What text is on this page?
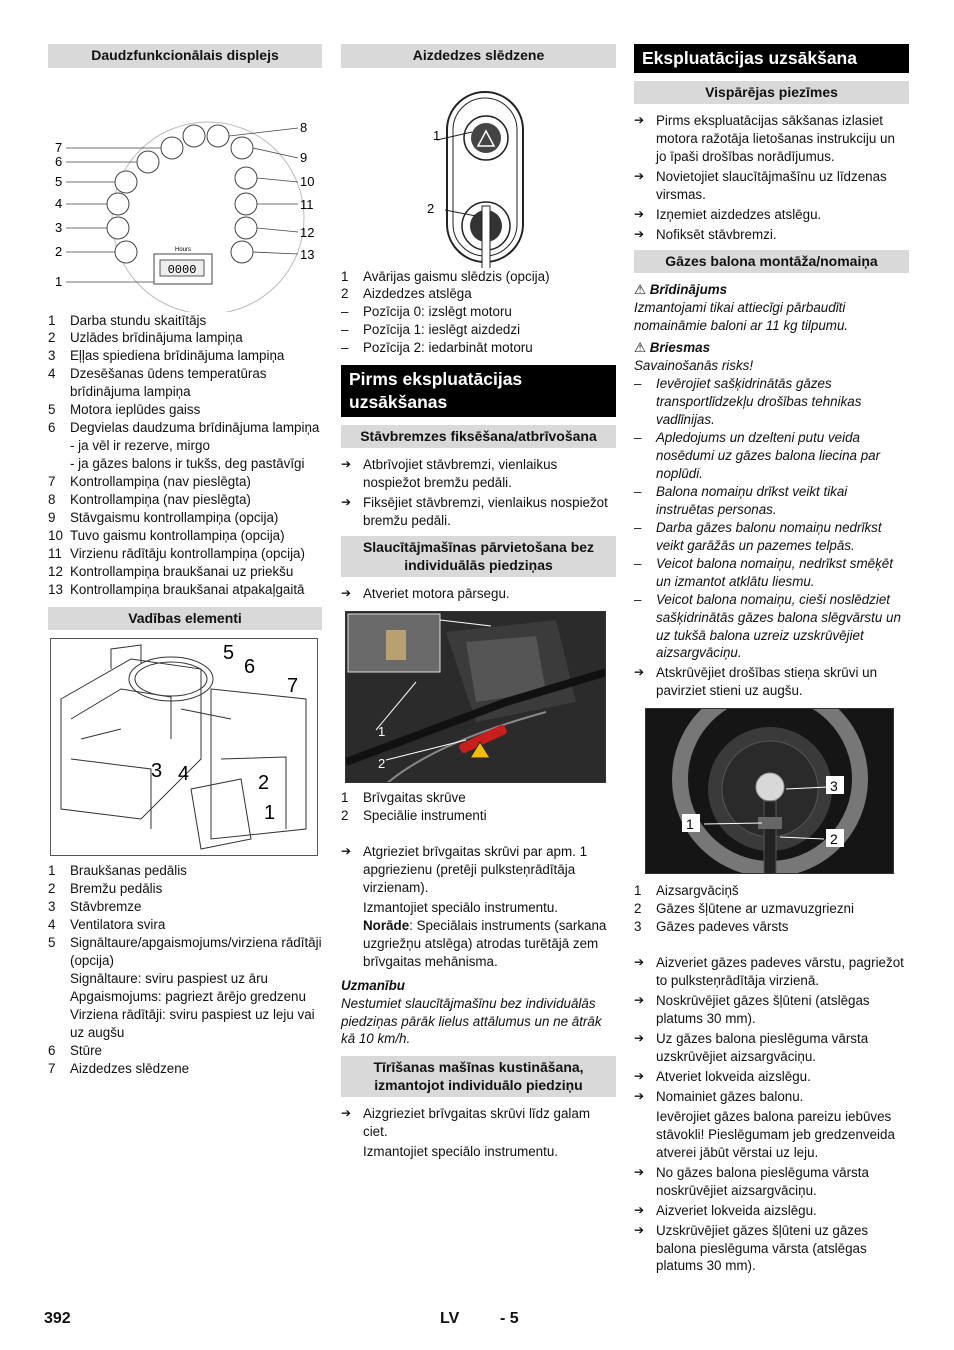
Daudzfunkcionālais displejs
Hours
0000
7
6
5
4
3
2
1
8
9
10
11
12
13
1	Darba stundu skaitītājs
2	Uzlādes brīdinājuma lampiņa
3	Eļļas spiediena brīdinājuma lampiņa
4	Dzesēšanas ūdens temperatūras brīdinājuma lampiņa
5	Motora ieplūdes gaiss
6	Degvielas daudzuma brīdinājuma lampiņa
- ja vēl ir rezerve, mirgo
- ja gāzes balons ir tukšs, deg pastāvīgi
7	Kontrollampiņa (nav pieslēgta)
8	Kontrollampiņa (nav pieslēgta)
9	Stāvgaismu kontrollampiņa (opcija)
10 Tuvo gaismu kontrollampiņa (opcija)
11 Virzienu rādītāju kontrollampiņa (opcija)
12 Kontrollampiņa braukšanai uz priekšu
13 Kontrollampiņa braukšanai atpakaļgaitā
Vadības elementi
5
6
7
3 4	2
1
1	Braukšanas pedālis
2	Bremžu pedālis
3	Stāvbremze
4	Ventilatora svira
5	Signāltaure/apgaismojums/virziena rādītāji (opcija)
Signāltaure: sviru paspiest uz āru
Apgaismojums: pagriezt ārējo gredzenu
Virziena rādītāji: sviru paspiest uz leju vai uz augšu
6	Stūre
7	Aizdedzes slēdzene
Aizdedzes slēdzene
1
2
1	Avārijas gaismu slēdzis (opcija)
2	Aizdedzes atslēga
–	Pozīcija 0: izslēgt motoru
–	Pozīcija 1: ieslēgt aizdedzi
–	Pozīcija 2: iedarbināt motoru
Pirms ekspluatācijas uzsākšanas
Stāvbremzes fiksēšana/atbrīvošana
➔ Atbrīvojiet stāvbremzi, vienlaikus nospiežot bremžu pedāli.
➔ Fiksējiet stāvbremzi, vienlaikus nospiežot bremžu pedāli.
Slaucītājmašīnas pārvietošana bez individuālās piedziņas
➔ Atveriet motora pārsegu.
1
2
1	Brīvgaitas skrūve
2	Speciālie instrumenti
➔ Atgrieziet brīvgaitas skrūvi par apm. 1 apgriezienu (pretēji pulksteņrādītāja virzienam).
Izmantojiet speciālo instrumentu.
Norāde: Speciālais instruments (sarkana uzgriežņu atslēga) atrodas turētājā zem brīvgaitas mehānisma.
Uzmanību
Nestumiet slaucītājmašīnu bez individuālās piedziņas pārāk lielus attālumus un ne ātrāk kā 10 km/h.
Tīrīšanas mašīnas kustināšana, izmantojot individuālo piedziņu
➔ Aizgrieziet brīvgaitas skrūvi līdz galam ciet.
Izmantojiet speciālo instrumentu.
Ekspluatācijas uzsākšana
Vispārējas piezīmes
➔ Pirms ekspluatācijas sākšanas izlasiet motora ražotāja lietošanas instrukciju un jo īpaši drošības norādījumus.
➔ Novietojiet slaucītājmašīnu uz līdzenas virsmas.
➔ Izņemiet aizdedzes atslēgu.
➔ Nofiksēt stāvbremzi.
Gāzes balona montāža/nomaiņa
⚠ Brīdinājums
Izmantojami tikai attiecīgi pārbaudīti nomaināmie baloni ar 11 kg tilpumu.
⚠ Briesmas
Savainošanās risks!
–	Ievērojiet sašķidrinātās gāzes transportlīdzekļu drošības tehnikas vadlīnijas.
–	Apledojums un dzelteni putu veida nosēdumi uz gāzes balona liecina par noplūdi.
–	Balona nomaiņu drīkst veikt tikai instruētas personas.
–	Darba gāzes balonu nomaiņu nedrīkst veikt garāžās un pazemes telpās.
–	Veicot balona nomaiņu, nedrīkst smēķēt un izmantot atklātu liesmu.
–	Veicot balona nomaiņu, cieši noslēdziet sašķidrinātās gāzes balona slēgvārstu un uz tukšā balona uzreiz uzskrūvējiet aizsargvāciņu.
➔ Atskrūvējiet drošības stieņa skrūvi un pavirziet stieni uz augšu.
3
1
2
1	Aizsargvāciņš
2	Gāzes šļūtene ar uzmavuzgriezni
3	Gāzes padeves vārsts
➔ Aizveriet gāzes padeves vārstu, pagriežot to pulksteņrādītāja virzienā.
➔ Noskrūvējiet gāzes šļūteni (atslēgas platums 30 mm).
➔ Uz gāzes balona pieslēguma vārsta uzskrūvējiet aizsargvāciņu.
➔ Atveriet lokveida aizslēgu.
➔ Nomainiet gāzes balonu.
Ievērojiet gāzes balona pareizu iebūves stāvokli! Pieslēgumam jeb gredzenveida atverei jābūt vērstai uz leju.
➔ No gāzes balona pieslēguma vārsta noskrūvējiet aizsargvāciņu.
➔ Aizveriet lokveida aizslēgu.
➔ Uzskrūvējiet gāzes šļūteni uz gāzes balona pieslēguma vārsta (atslēgas platums 30 mm).
392	LV	- 5
